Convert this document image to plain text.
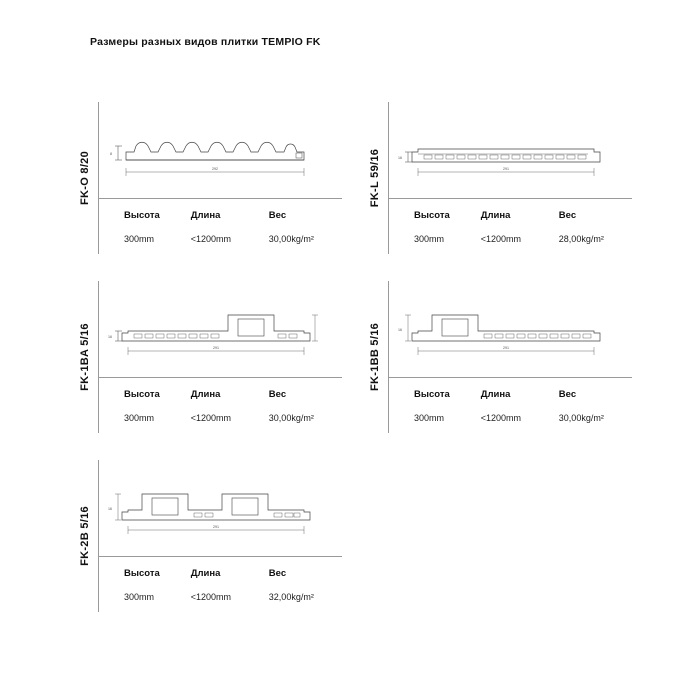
Размеры разных видов плитки TEMPIO FK
FK-O 8/20	292
8
Высота	Длина	Вес
300mm	<1200mm	30,00kg/m²
FK-L 59/16	291
16
Высота	Длина	Вес
300mm	<1200mm	28,00kg/m²
FK-1BA 5/16	291
16
Высота	Длина	Вес
300mm	<1200mm	30,00kg/m²
FK-1BB 5/16	291
16
Высота	Длина	Вес
300mm	<1200mm	30,00kg/m²
FK-2B 5/16	291
16
Высота	Длина	Вес
300mm	<1200mm	32,00kg/m²
